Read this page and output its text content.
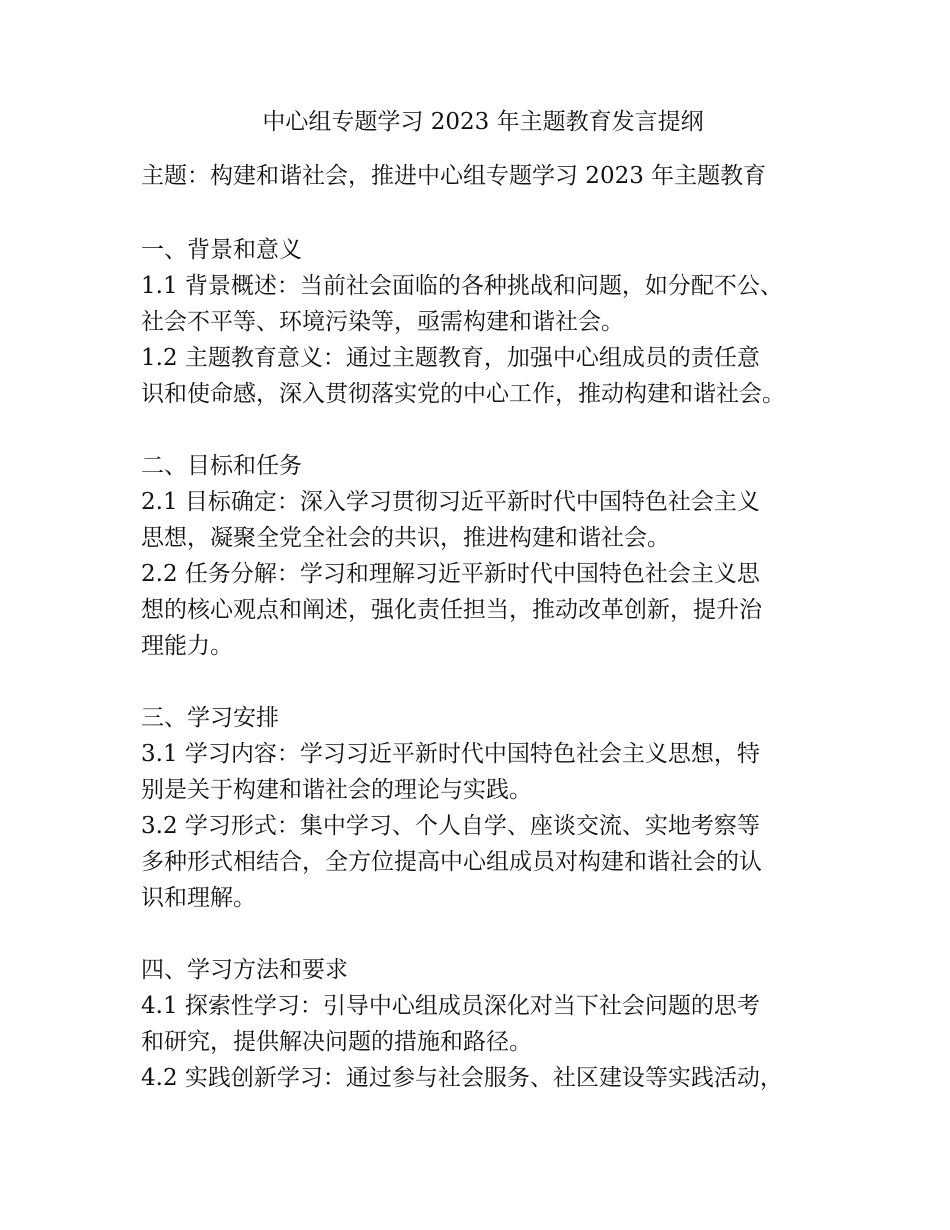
中心组专题学习 2023 年主题教育发言提纲

主题：构建和谐社会，推进中心组专题学习 2023 年主题教育

一、背景和意义

1.1 背景概述：当前社会面临的各种挑战和问题，如分配不公、

社会不平等、环境污染等，亟需构建和谐社会。

1.2 主题教育意义：通过主题教育，加强中心组成员的责任意

识和使命感，深入贯彻落实党的中心工作，推动构建和谐社会。

二、目标和任务

2.1 目标确定：深入学习贯彻习近平新时代中国特色社会主义

思想，凝聚全党全社会的共识，推进构建和谐社会。

2.2 任务分解：学习和理解习近平新时代中国特色社会主义思

想的核心观点和阐述，强化责任担当，推动改革创新，提升治

理能力。

三、学习安排

3.1 学习内容：学习习近平新时代中国特色社会主义思想，特

别是关于构建和谐社会的理论与实践。

3.2 学习形式：集中学习、个人自学、座谈交流、实地考察等

多种形式相结合，全方位提高中心组成员对构建和谐社会的认

识和理解。

四、学习方法和要求

4.1 探索性学习：引导中心组成员深化对当下社会问题的思考

和研究，提供解决问题的措施和路径。

4.2 实践创新学习：通过参与社会服务、社区建设等实践活动，
